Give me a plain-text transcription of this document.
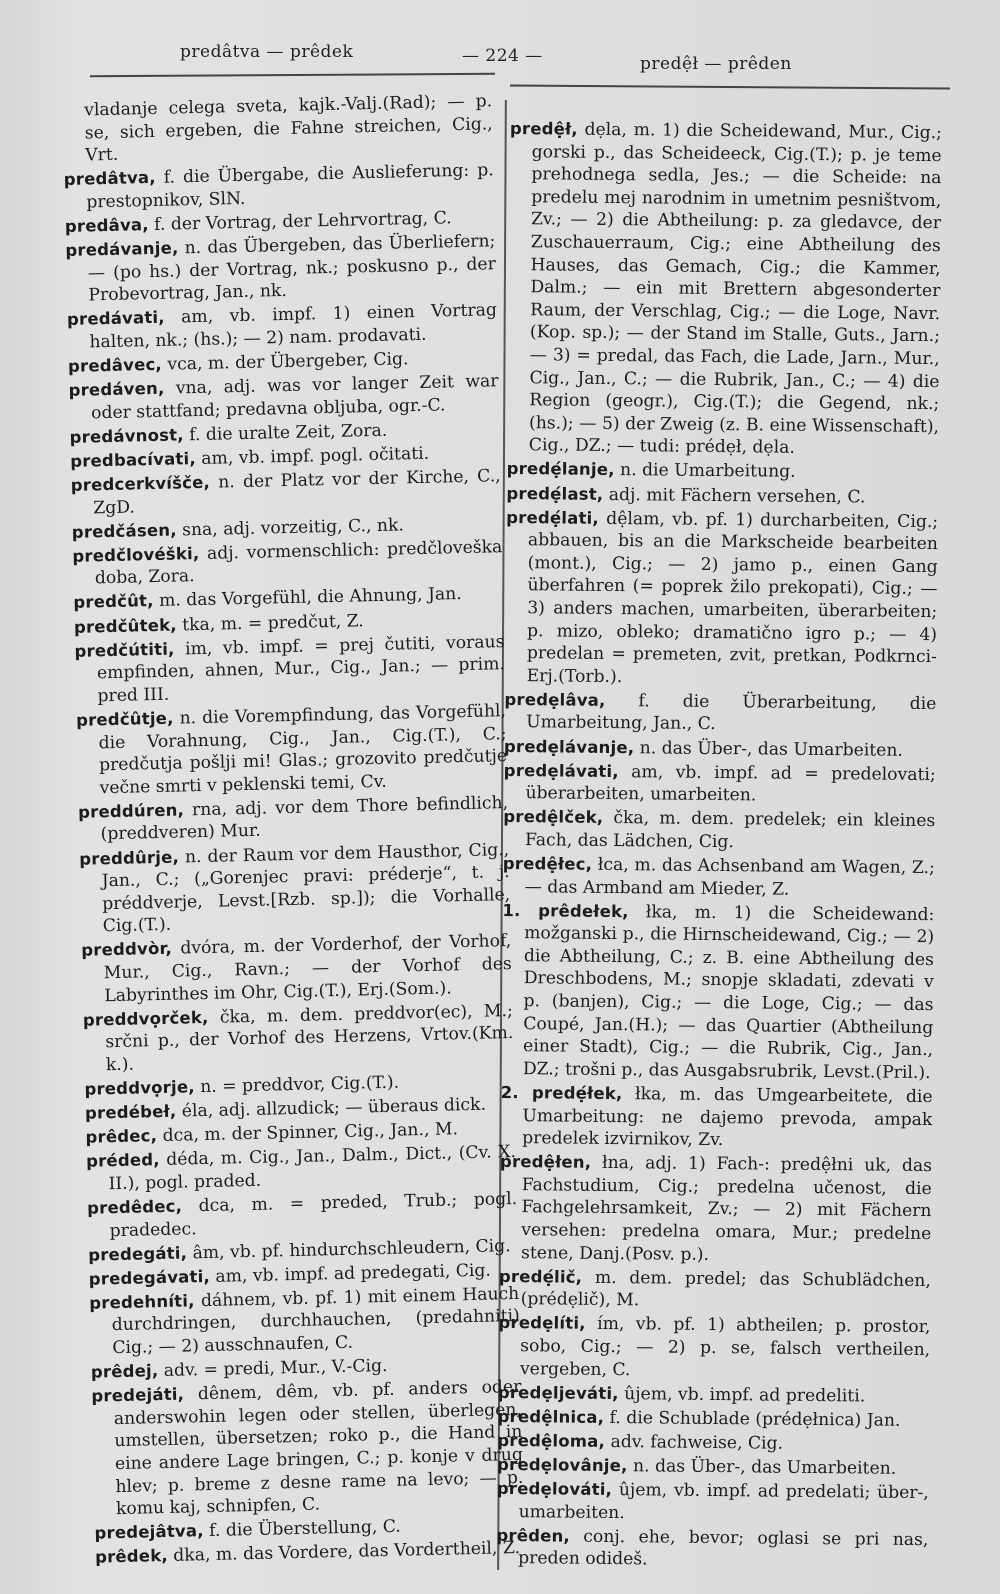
predâtva — prêdek	— 224 —	predệł — prêden
vladanje celega sveta, kajk.-Valj.(Rad); — p. se, sich ergeben, die Fahne streichen, Cig., Vrt.
predâtva, f. die Übergabe, die Auslieferung: p. prestopnikov, SlN.
predâva, f. der Vortrag, der Lehrvortrag, C.
predávanje, n. das Übergeben, das Überliefern; — (po hs.) der Vortrag, nk.; poskusno p., der Probevortrag, Jan., nk.
predávati, am, vb. impf. 1) einen Vortrag halten, nk.; (hs.); — 2) nam. prodavati.
predâvec, vca, m. der Übergeber, Cig.
predáven, vna, adj. was vor langer Zeit war oder stattfand; predavna obljuba, ogr.-C.
predávnost, f. die uralte Zeit, Zora.
predbacívati, am, vb. impf. pogl. očitati.
predcerkvíšče, n. der Platz vor der Kirche, C., ZgD.
predčásen, sna, adj. vorzeitig, C., nk.
predčlovéški, adj. vormenschlich: predčloveška doba, Zora.
predčût, m. das Vorgefühl, die Ahnung, Jan.
predčûtek, tka, m. = predčut, Z.
predčútiti, im, vb. impf. = prej čutiti, voraus empfinden, ahnen, Mur., Cig., Jan.; — prim. pred III.
predčûtje, n. die Vorempfindung, das Vorgefühl, die Vorahnung, Cig., Jan., Cig.(T.), C.; predčutja pošlji mi! Glas.; grozovito predčutje večne smrti v peklenski temi, Cv.
preddúren, rna, adj. vor dem Thore befindlich, (preddveren) Mur.
preddûrje, n. der Raum vor dem Hausthor, Cig., Jan., C.; („Gorenjec pravi: préderje“, t. j. préddverje, Levst.[Rzb. sp.]); die Vorhalle, Cig.(T.).
preddvòr, dvóra, m. der Vorderhof, der Vorhof, Mur., Cig., Ravn.; — der Vorhof des Labyrinthes im Ohr, Cig.(T.), Erj.(Som.).
preddvọrček, čka, m. dem. preddvor(ec), M.; srčni p., der Vorhof des Herzens, Vrtov.(Km. k.).
preddvọrje, n. = preddvor, Cig.(T.).
predébeł, éla, adj. allzudick; — überaus dick.
prêdec, dca, m. der Spinner, Cig., Jan., M.
préded, déda, m. Cig., Jan., Dalm., Dict., (Cv. X. II.), pogl. praded.
predêdec, dca, m. = preded, Trub.; pogl. pradedec.
predegáti, âm, vb. pf. hindurchschleudern, Cig.
predegávati, am, vb. impf. ad predegati, Cig.
predehníti, dáhnem, vb. pf. 1) mit einem Hauch durchdringen, durchhauchen, (predahniti) Cig.; — 2) ausschnaufen, C.
prêdej, adv. = predi, Mur., V.-Cig.
predejáti, dênem, dêm, vb. pf. anders oder anderswohin legen oder stellen, überlegen, umstellen, übersetzen; roko p., die Hand in eine andere Lage bringen, C.; p. konje v drug hlev; p. breme z desne rame na levo; — p. komu kaj, schnipfen, C.
predejâtva, f. die Überstellung, C.
prêdek, dka, m. das Vordere, das Vordertheil, Z.
predệł, dẹla, m. 1) die Scheidewand, Mur., Cig.; gorski p., das Scheideeck, Cig.(T.); p. je teme prehodnega sedla, Jes.; — die Scheide: na predelu mej narodnim in umetnim pesništvom, Zv.; — 2) die Abtheilung: p. za gledavce, der Zuschauerraum, Cig.; eine Abtheilung des Hauses, das Gemach, Cig.; die Kammer, Dalm.; — ein mit Brettern abgesonderter Raum, der Verschlag, Cig.; — die Loge, Navr.(Kop. sp.); — der Stand im Stalle, Guts., Jarn.; — 3) = predal, das Fach, die Lade, Jarn., Mur., Cig., Jan., C.; — die Rubrik, Jan., C.; — 4) die Region (geogr.), Cig.(T.); die Gegend, nk.; (hs.); — 5) der Zweig (z. B. eine Wissenschaft), Cig., DZ.; — tudi: prédẹł, dẹla.
predẹ́lanje, n. die Umarbeitung.
predẹ́last, adj. mit Fächern versehen, C.
predẹ́lati, dệlam, vb. pf. 1) durcharbeiten, Cig.; abbauen, bis an die Markscheide bearbeiten (mont.), Cig.; — 2) jamo p., einen Gang überfahren (= poprek žilo prekopati), Cig.; — 3) anders machen, umarbeiten, überarbeiten; p. mizo, obleko; dramatično igro p.; — 4) predelan = premeten, zvit, pretkan, Podkrnci-Erj.(Torb.).
predẹlâva, f. die Überarbeitung, die Umarbeitung, Jan., C.
predẹlávanje, n. das Über-, das Umarbeiten.
predẹlávati, am, vb. impf. ad = predelovati; überarbeiten, umarbeiten.
predệlček, čka, m. dem. predelek; ein kleines Fach, das Lädchen, Cig.
predệłec, łca, m. das Achsenband am Wagen, Z.; — das Armband am Mieder, Z.
1. prêdełek, łka, m. 1) die Scheidewand: možganski p., die Hirnscheidewand, Cig.; — 2) die Abtheilung, C.; z. B. eine Abtheilung des Dreschbodens, M.; snopje skladati, zdevati v p. (banjen), Cig.; — die Loge, Cig.; — das Coupé, Jan.(H.); — das Quartier (Abtheilung einer Stadt), Cig.; — die Rubrik, Cig., Jan., DZ.; trošni p., das Ausgabsrubrik, Levst.(Pril.).
2. predẹ́łek, łka, m. das Umgearbeitete, die Umarbeitung: ne dajemo prevoda, ampak predelek izvirnikov, Zv.
predệłen, łna, adj. 1) Fach-: predệłni uk, das Fachstudium, Cig.; predelna učenost, die Fachgelehrsamkeit, Zv.; — 2) mit Fächern versehen: predelna omara, Mur.; predelne stene, Danj.(Posv. p.).
predẹ́lič, m. dem. predel; das Schublädchen, (prédẹlič), M.
predẹlíti, ím, vb. pf. 1) abtheilen; p. prostor, sobo, Cig.; — 2) p. se, falsch vertheilen, vergeben, C.
predẹljeváti, ûjem, vb. impf. ad predeliti.
predệlnica, f. die Schublade (prédẹłnica) Jan.
predệloma, adv. fachweise, Cig.
predẹlovânje, n. das Über-, das Umarbeiten.
predẹlováti, ûjem, vb. impf. ad predelati; über-, umarbeiten.
prêden, conj. ehe, bevor; oglasi se pri nas, preden odideš.
